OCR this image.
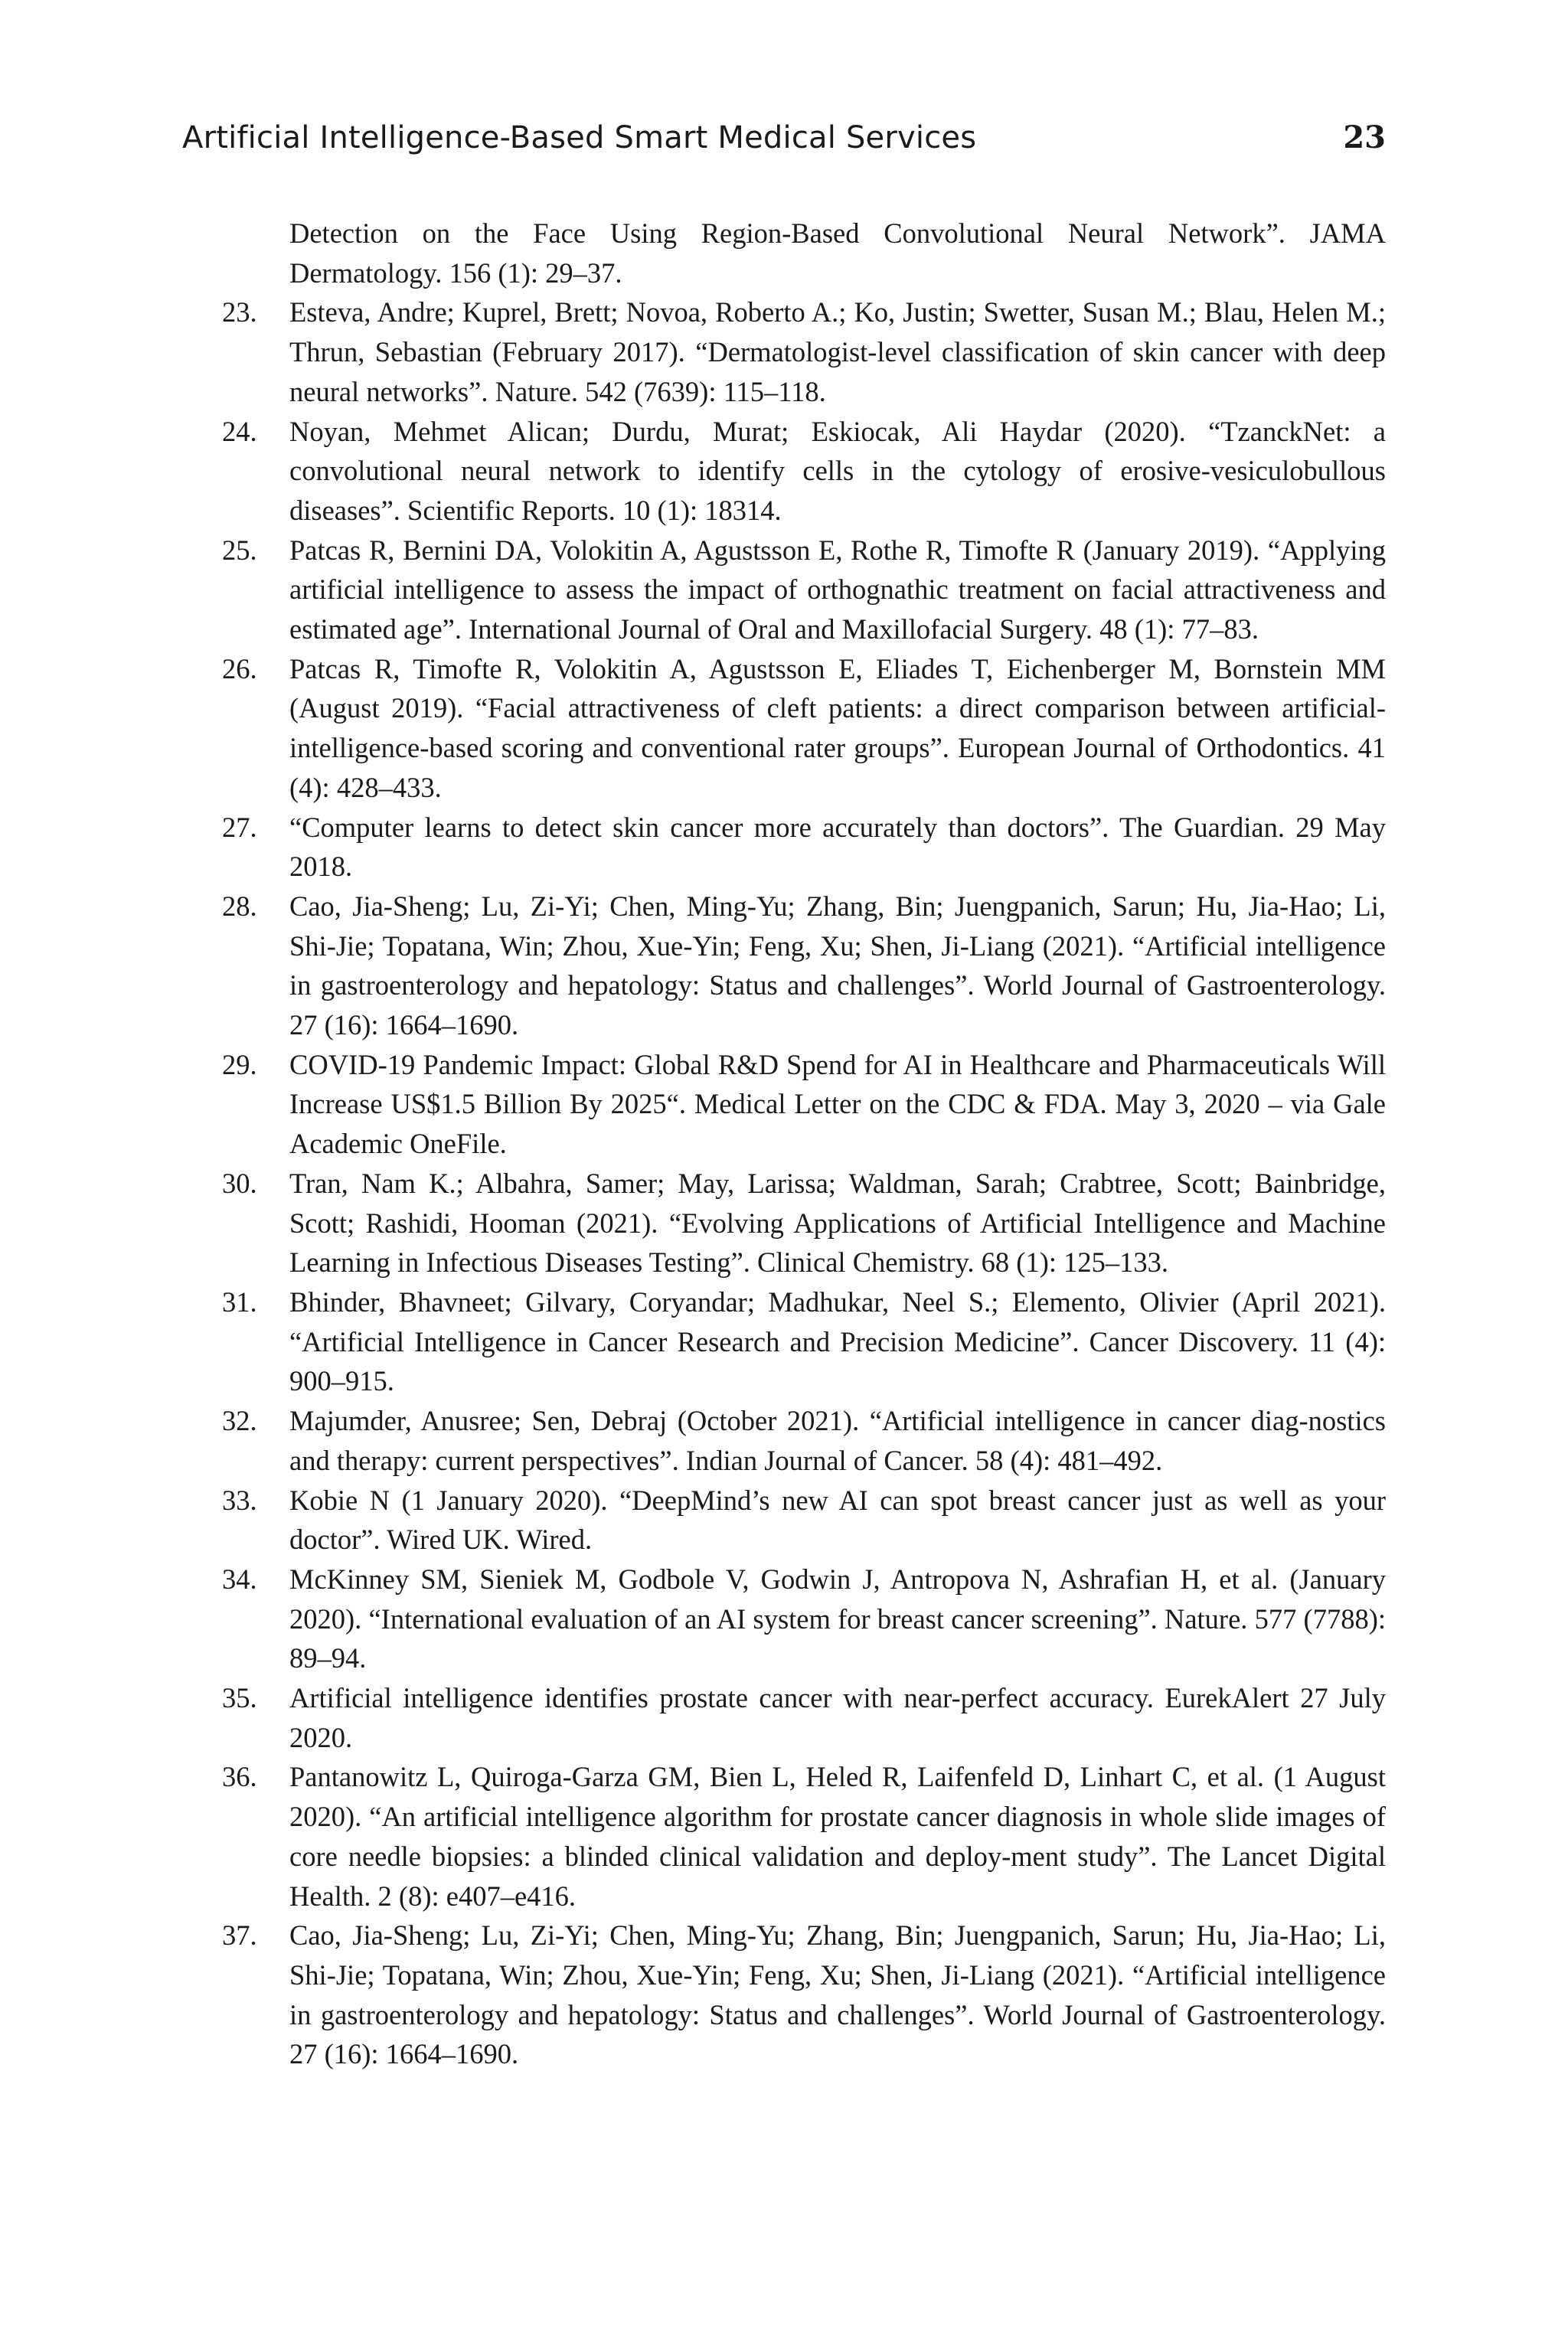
Artificial Intelligence-Based Smart Medical Services	23
Detection on the Face Using Region-Based Convolutional Neural Network”. JAMA Dermatology. 156 (1): 29–37.
23.	Esteva, Andre; Kuprel, Brett; Novoa, Roberto A.; Ko, Justin; Swetter, Susan M.; Blau, Helen M.; Thrun, Sebastian (February 2017). “Dermatologist-level classification of skin cancer with deep neural networks”. Nature. 542 (7639): 115–118.
24.	Noyan, Mehmet Alican; Durdu, Murat; Eskiocak, Ali Haydar (2020). “TzanckNet: a convolutional neural network to identify cells in the cytology of erosive-vesiculobullous diseases”. Scientific Reports. 10 (1): 18314.
25.	Patcas R, Bernini DA, Volokitin A, Agustsson E, Rothe R, Timofte R (January 2019). “Applying artificial intelligence to assess the impact of orthognathic treatment on facial attractiveness and estimated age”. International Journal of Oral and Maxillofacial Surgery. 48 (1): 77–83.
26.	Patcas R, Timofte R, Volokitin A, Agustsson E, Eliades T, Eichenberger M, Bornstein MM (August 2019). “Facial attractiveness of cleft patients: a direct comparison between artificial-intelligence-based scoring and conventional rater groups”. European Journal of Orthodontics. 41 (4): 428–433.
27.	“Computer learns to detect skin cancer more accurately than doctors”. The Guardian. 29 May 2018.
28.	Cao, Jia-Sheng; Lu, Zi-Yi; Chen, Ming-Yu; Zhang, Bin; Juengpanich, Sarun; Hu, Jia-Hao; Li, Shi-Jie; Topatana, Win; Zhou, Xue-Yin; Feng, Xu; Shen, Ji-Liang (2021). “Artificial intelligence in gastroenterology and hepatology: Status and challenges”. World Journal of Gastroenterology. 27 (16): 1664–1690.
29.	COVID-19 Pandemic Impact: Global R&D Spend for AI in Healthcare and Pharmaceuticals Will Increase US$1.5 Billion By 2025“. Medical Letter on the CDC & FDA. May 3, 2020 – via Gale Academic OneFile.
30.	Tran, Nam K.; Albahra, Samer; May, Larissa; Waldman, Sarah; Crabtree, Scott; Bainbridge, Scott; Rashidi, Hooman (2021). “Evolving Applications of Artificial Intelligence and Machine Learning in Infectious Diseases Testing”. Clinical Chemistry. 68 (1): 125–133.
31.	Bhinder, Bhavneet; Gilvary, Coryandar; Madhukar, Neel S.; Elemento, Olivier (April 2021). “Artificial Intelligence in Cancer Research and Precision Medicine”. Cancer Discovery. 11 (4): 900–915.
32.	Majumder, Anusree; Sen, Debraj (October 2021). “Artificial intelligence in cancer diag-nostics and therapy: current perspectives”. Indian Journal of Cancer. 58 (4): 481–492.
33.	Kobie N (1 January 2020). “DeepMind’s new AI can spot breast cancer just as well as your doctor”. Wired UK. Wired.
34.	McKinney SM, Sieniek M, Godbole V, Godwin J, Antropova N, Ashrafian H, et al. (January 2020). “International evaluation of an AI system for breast cancer screening”. Nature. 577 (7788): 89–94.
35.	Artificial intelligence identifies prostate cancer with near-perfect accuracy. EurekAlert 27 July 2020.
36.	Pantanowitz L, Quiroga-Garza GM, Bien L, Heled R, Laifenfeld D, Linhart C, et al. (1 August 2020). “An artificial intelligence algorithm for prostate cancer diagnosis in whole slide images of core needle biopsies: a blinded clinical validation and deploy-ment study”. The Lancet Digital Health. 2 (8): e407–e416.
37.	Cao, Jia-Sheng; Lu, Zi-Yi; Chen, Ming-Yu; Zhang, Bin; Juengpanich, Sarun; Hu, Jia-Hao; Li, Shi-Jie; Topatana, Win; Zhou, Xue-Yin; Feng, Xu; Shen, Ji-Liang (2021). “Artificial intelligence in gastroenterology and hepatology: Status and challenges”. World Journal of Gastroenterology. 27 (16): 1664–1690.
